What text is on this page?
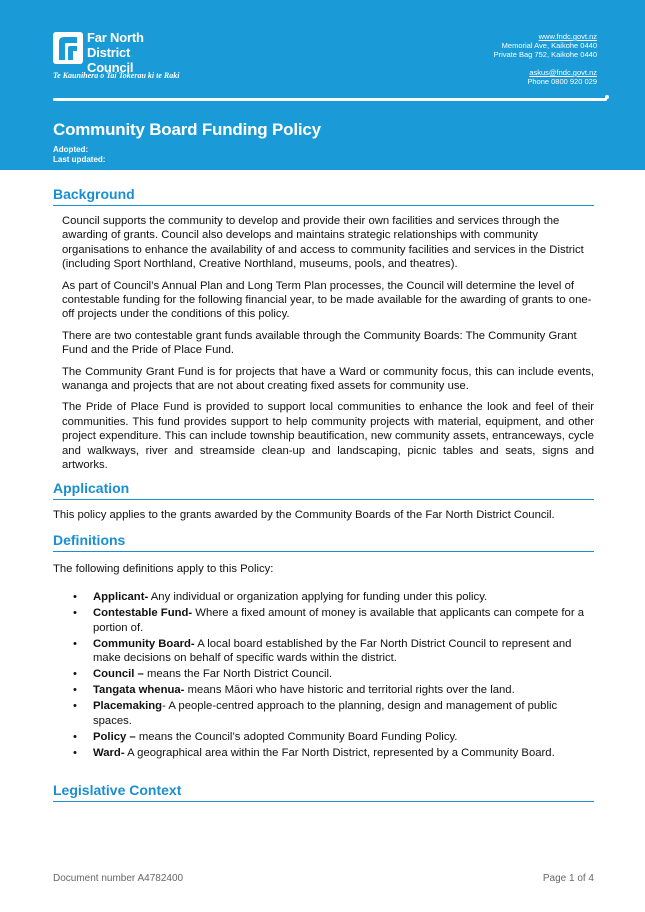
Far North
District Council
Te Kaunihera o Tai Tokerau ki te Raki
www.fndc.govt.nz
Memorial Ave, Kaikohe 0440
Private Bag 752, Kaikohe 0440
askus@fndc.govt.nz
Phone 0800 920 029
Community Board Funding Policy
Adopted:
Last updated:
Background

Council supports the community to develop and provide their own facilities and services through the awarding of grants. Council also develops and maintains strategic relationships with community organisations to enhance the availability of and access to community facilities and services in the District (including Sport Northland, Creative Northland, museums, pools, and theatres).

As part of Council’s Annual Plan and Long Term Plan processes, the Council will determine the level of contestable funding for the following financial year, to be made available for the awarding of grants to one-off projects under the conditions of this policy.

There are two contestable grant funds available through the Community Boards: The Community Grant Fund and the Pride of Place Fund.

The Community Grant Fund is for projects that have a Ward or community focus, this can include events, wananga and projects that are not about creating fixed assets for community use.

The Pride of Place Fund is provided to support local communities to enhance the look and feel of their communities. This fund provides support to help community projects with material, equipment, and other project expenditure. This can include township beautification, new community assets, entranceways, cycle and walkways, river and streamside clean-up and landscaping, picnic tables and seats, signs and artworks.

Application

This policy applies to the grants awarded by the Community Boards of the Far North District Council.

Definitions

The following definitions apply to this Policy:

• Applicant- Any individual or organization applying for funding under this policy.
• Contestable Fund- Where a fixed amount of money is available that applicants can compete for a portion of.
• Community Board- A local board established by the Far North District Council to represent and make decisions on behalf of specific wards within the district.
• Council – means the Far North District Council.
• Tangata whenua- means Māori who have historic and territorial rights over the land.
• Placemaking- A people-centred approach to the planning, design and management of public spaces.
• Policy – means the Council’s adopted Community Board Funding Policy.
• Ward- A geographical area within the Far North District, represented by a Community Board.
Legislative Context
Document number A4782400	Page 1 of 4
